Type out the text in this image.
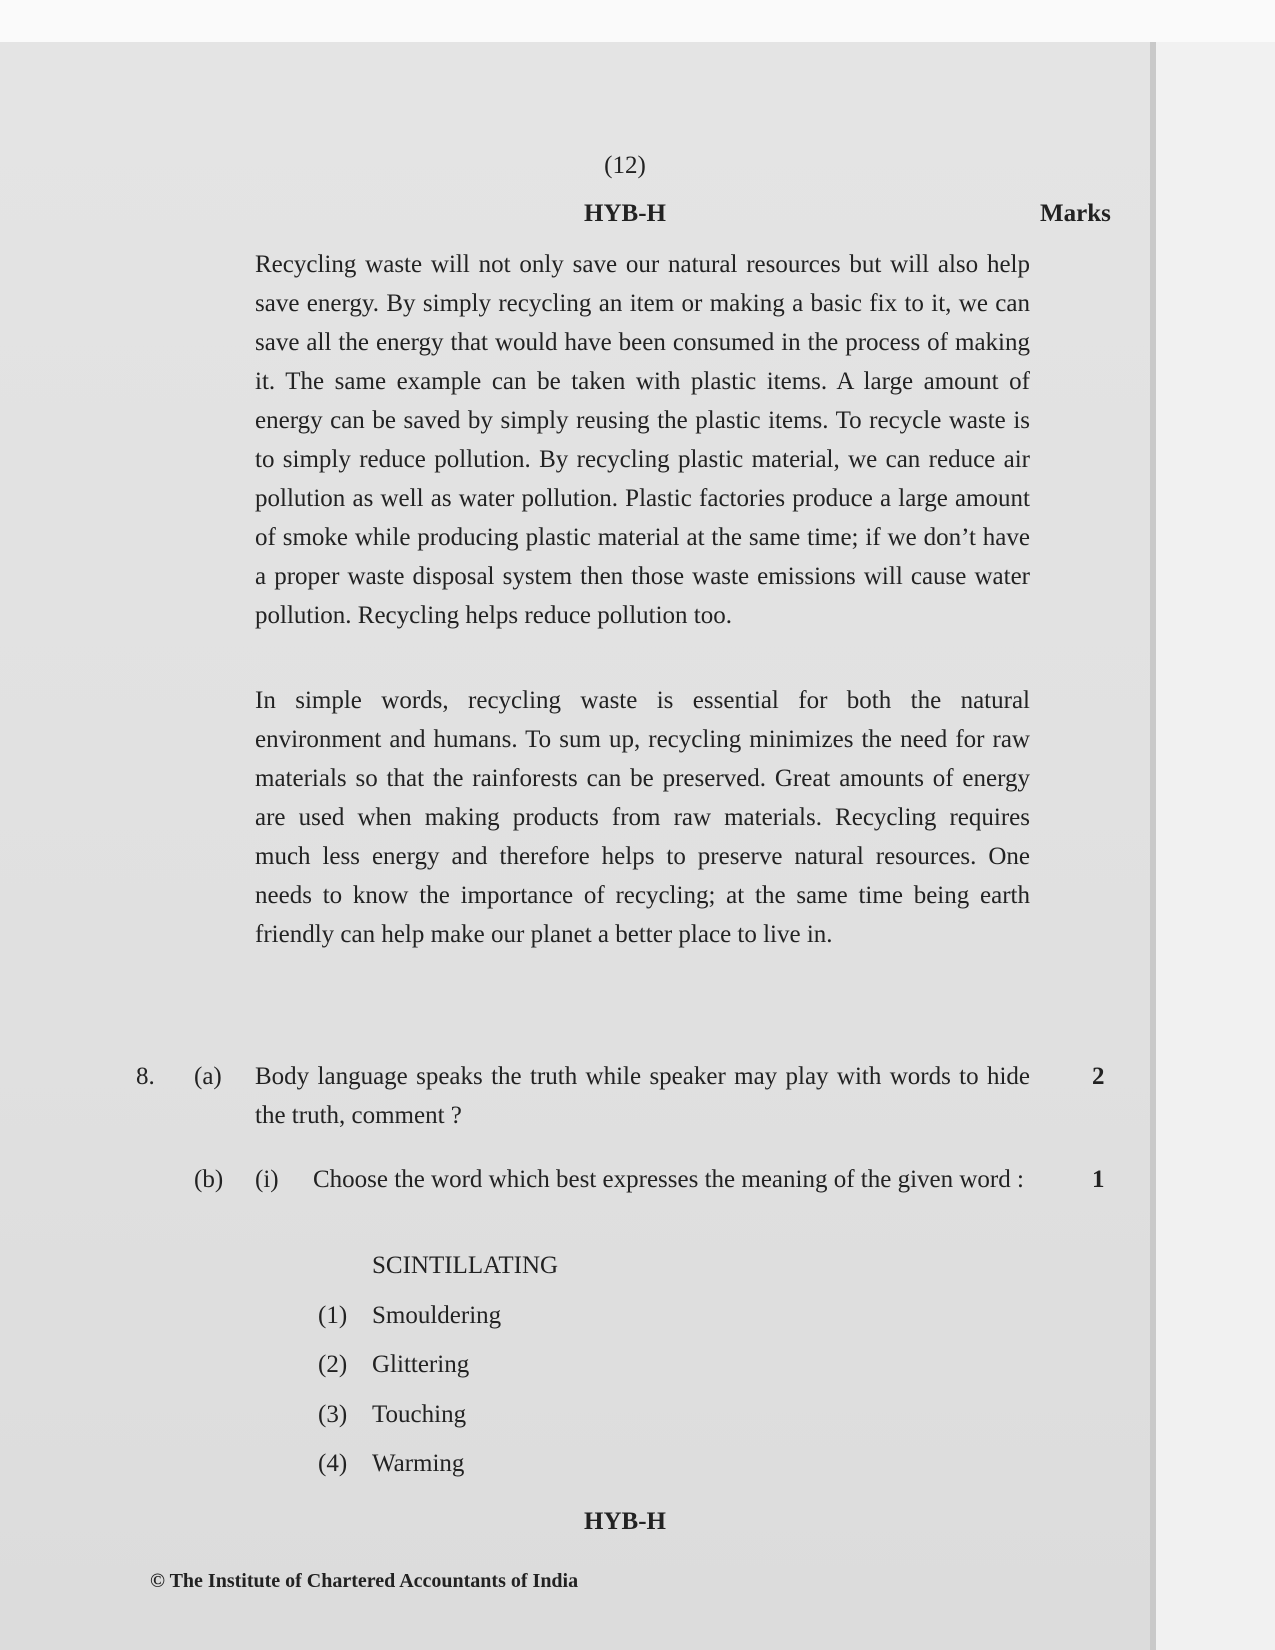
(12)
HYB-H	Marks

Recycling waste will not only save our natural resources but will also help save energy. By simply recycling an item or making a basic fix to it, we can save all the energy that would have been consumed in the process of making it. The same example can be taken with plastic items. A large amount of energy can be saved by simply reusing the plastic items. To recycle waste is to simply reduce pollution. By recycling plastic material, we can reduce air pollution as well as water pollution. Plastic factories produce a large amount of smoke while producing plastic material at the same time; if we don’t have a proper waste disposal system then those waste emissions will cause water pollution. Recycling helps reduce pollution too.

In simple words, recycling waste is essential for both the natural environment and humans. To sum up, recycling minimizes the need for raw materials so that the rainforests can be preserved. Great amounts of energy are used when making products from raw materials. Recycling requires much less energy and therefore helps to preserve natural resources. One needs to know the importance of recycling; at the same time being earth friendly can help make our planet a better place to live in.

8. (a) Body language speaks the truth while speaker may play with words to hide the truth, comment ?

2
(b) (i) Choose the word which best expresses the meaning of the given word :	1
SCINTILLATING
(1) Smouldering
(2) Glittering
(3) Touching
(4) Warming
HYB-H
© The Institute of Chartered Accountants of India
